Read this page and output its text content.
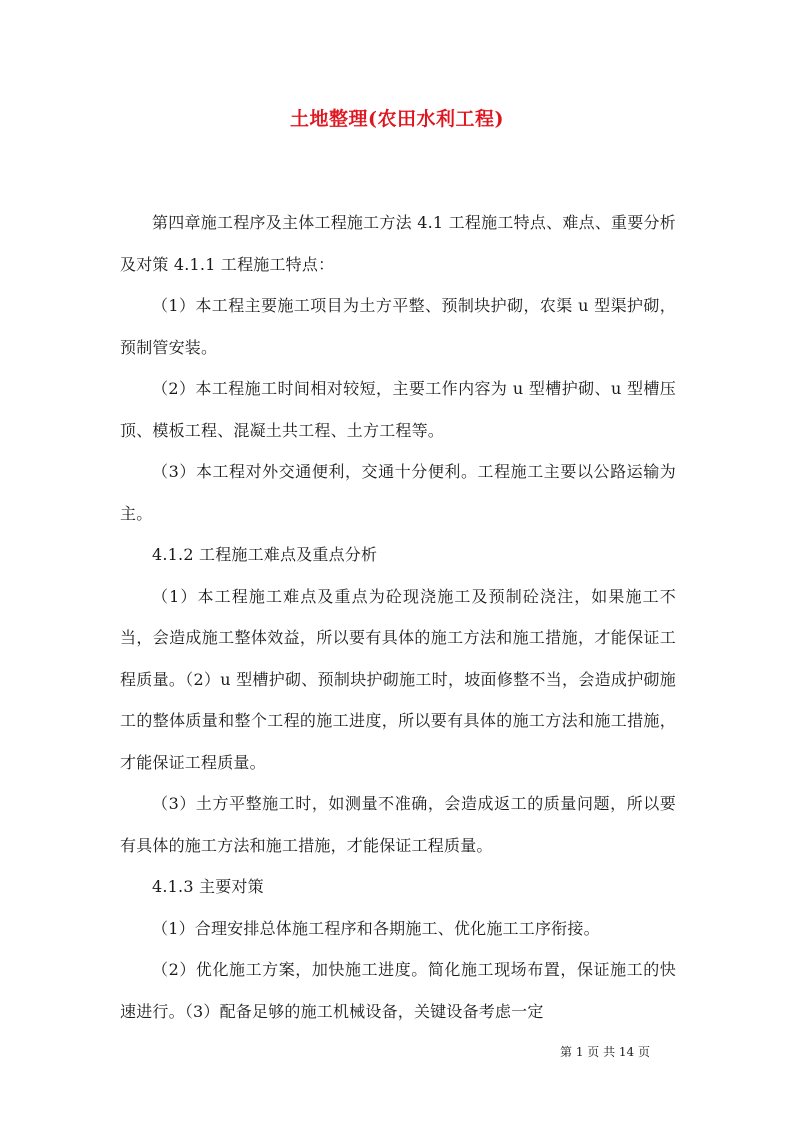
土地整理(农田水利工程)

第四章施工程序及主体工程施工方法 4.1 工程施工特点、难点、重要分析及对策 4.1.1 工程施工特点：

（1）本工程主要施工项目为土方平整、预制块护砌，农渠 u 型渠护砌，预制管安装。

（2）本工程施工时间相对较短，主要工作内容为 u 型槽护砌、u 型槽压顶、模板工程、混凝土共工程、土方工程等。

（3）本工程对外交通便利，交通十分便利。工程施工主要以公路运输为主。

4.1.2 工程施工难点及重点分析

（1）本工程施工难点及重点为砼现浇施工及预制砼浇注，如果施工不当，会造成施工整体效益，所以要有具体的施工方法和施工措施，才能保证工程质量。（2）u 型槽护砌、预制块护砌施工时，坡面修整不当，会造成护砌施工的整体质量和整个工程的施工进度，所以要有具体的施工方法和施工措施，才能保证工程质量。

（3）土方平整施工时，如测量不准确，会造成返工的质量问题，所以要有具体的施工方法和施工措施，才能保证工程质量。

4.1.3 主要对策

（1）合理安排总体施工程序和各期施工、优化施工工序衔接。

（2）优化施工方案，加快施工进度。简化施工现场布置，保证施工的快速进行。（3）配备足够的施工机械设备，关键设备考虑一定

第 1 页 共 14 页
